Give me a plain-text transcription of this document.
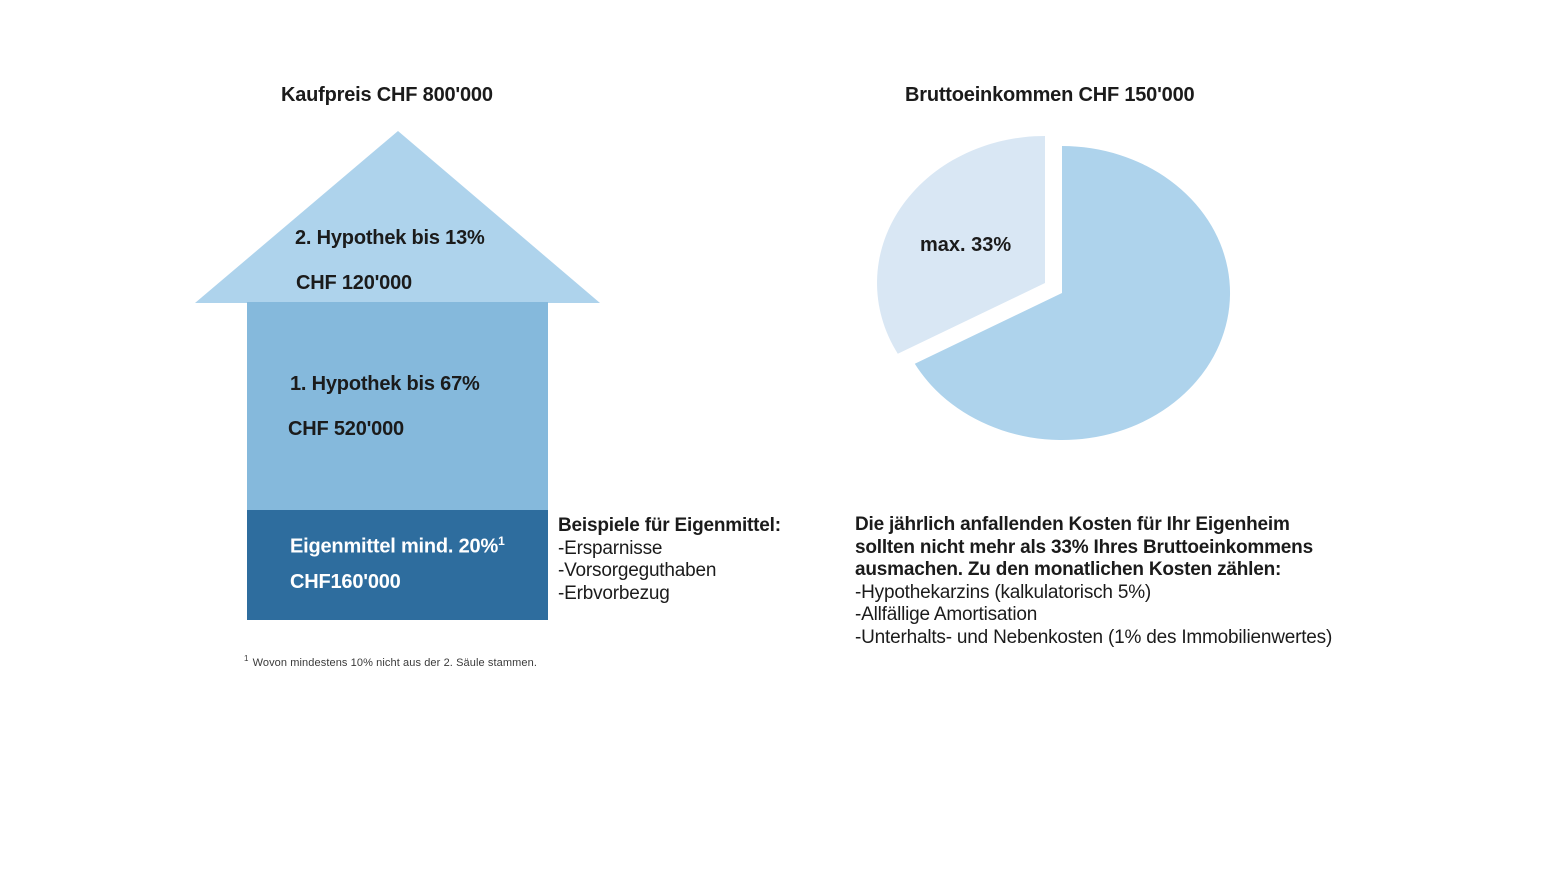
Kaufpreis CHF 800'000
2. Hypothek bis 13%
CHF 120'000
1. Hypothek bis 67%
CHF 520'000
Eigenmittel mind. 20%$^1$
CHF160'000
$^1$ Wovon mindestens 10% nicht aus der 2. Säule stammen.
Beispiele für Eigenmittel:
-Ersparnisse
-Vorsorgeguthaben
-Erbvorbezug
Bruttoeinkommen CHF 150'000
max. 33%
Die jährlich anfallenden Kosten für Ihr Eigenheim
sollten nicht mehr als 33% Ihres Bruttoeinkommens
ausmachen. Zu den monatlichen Kosten zählen:
-Hypothekarzins (kalkulatorisch 5%)
-Allfällige Amortisation
-Unterhalts- und Nebenkosten (1% des Immobilienwertes)
